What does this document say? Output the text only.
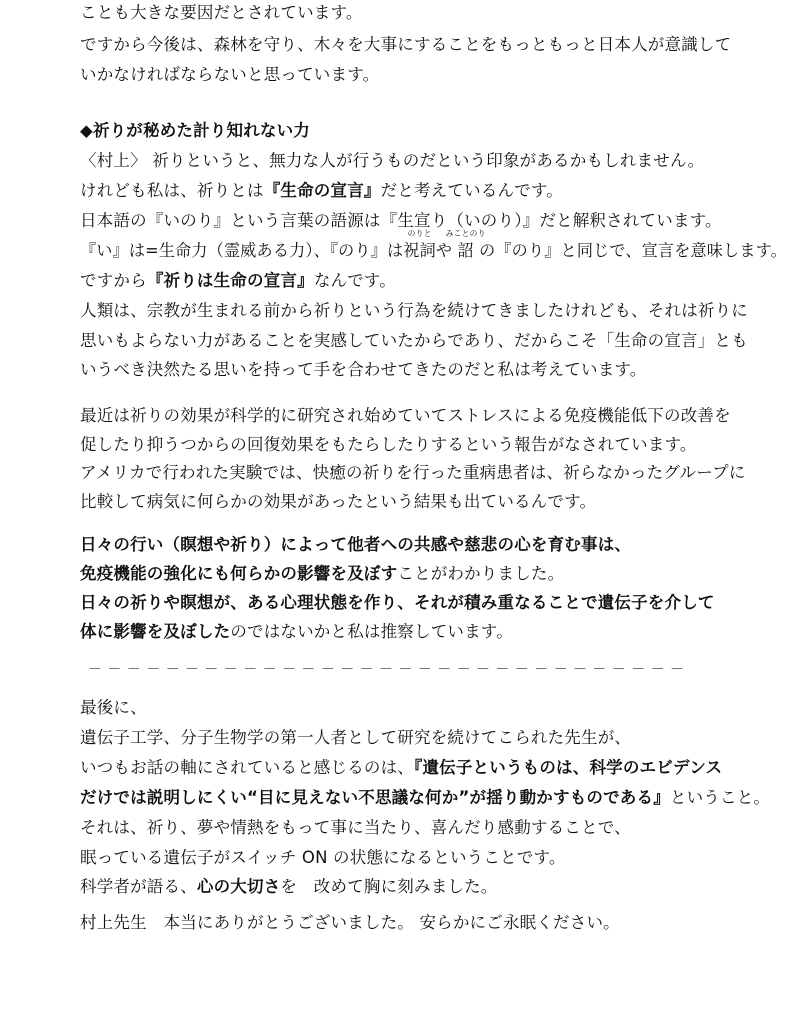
ことも大きな要因だとされています。
ですから今後は、森林を守り、木々を大事にすることをもっともっと日本人が意識して
いかなければならないと思っています。
◆祈りが秘めた計り知れない力
〈村上〉 祈りというと、無力な人が行うものだという印象があるかもしれません。
けれども私は、祈りとは『生命の宣言』だと考えているんです。
日本語の『いのり』という言葉の語源は『生宣り（いのり）』だと解釈されています。
『い』は=生命力（霊威ある力）、『のり』は
のりと
祝詞や
みことのり
詔 の『のり』と同じで、宣言を意味します。
ですから『祈りは生命の宣言』なんです。
人類は、宗教が生まれる前から祈りという行為を続けてきましたけれども、それは祈りに
思いもよらない力があることを実感していたからであり、だからこそ「生命の宣言」とも
いうべき決然たる思いを持って手を合わせてきたのだと私は考えています。
最近は祈りの効果が科学的に研究され始めていてストレスによる免疫機能低下の改善を
促したり抑うつからの回復効果をもたらしたりするという報告がなされています。
アメリカで行われた実験では、快癒の祈りを行った重病患者は、祈らなかったグループに
比較して病気に何らかの効果があったという結果も出ているんです。
日々の行い（瞑想や祈り）によって他者への共感や慈悲の心を育む事は、
免疫機能の強化にも何らかの影響を及ぼすことがわかりました。
日々の祈りや瞑想が、ある心理状態を作り、それが積み重なることで遺伝子を介して
体に影響を及ぼしたのではないかと私は推察しています。
－－－－－－－－－－－－－－－－－－－－－－－－－－－－－－－
最後に、
遺伝子工学、分子生物学の第一人者として研究を続けてこられた先生が、
いつもお話の軸にされていると感じるのは、『遺伝子というものは、科学のエビデンス
だけでは説明しにくい“目に見えない不思議な何か”が揺り動かすものである』ということ。
それは、祈り、夢や情熱をもって事に当たり、喜んだり感動することで、
眠っている遺伝子がスイッチ ON の状態になるということです。
科学者が語る、心の大切さを　改めて胸に刻みました。
村上先生　本当にありがとうございました。 安らかにご永眠ください。
